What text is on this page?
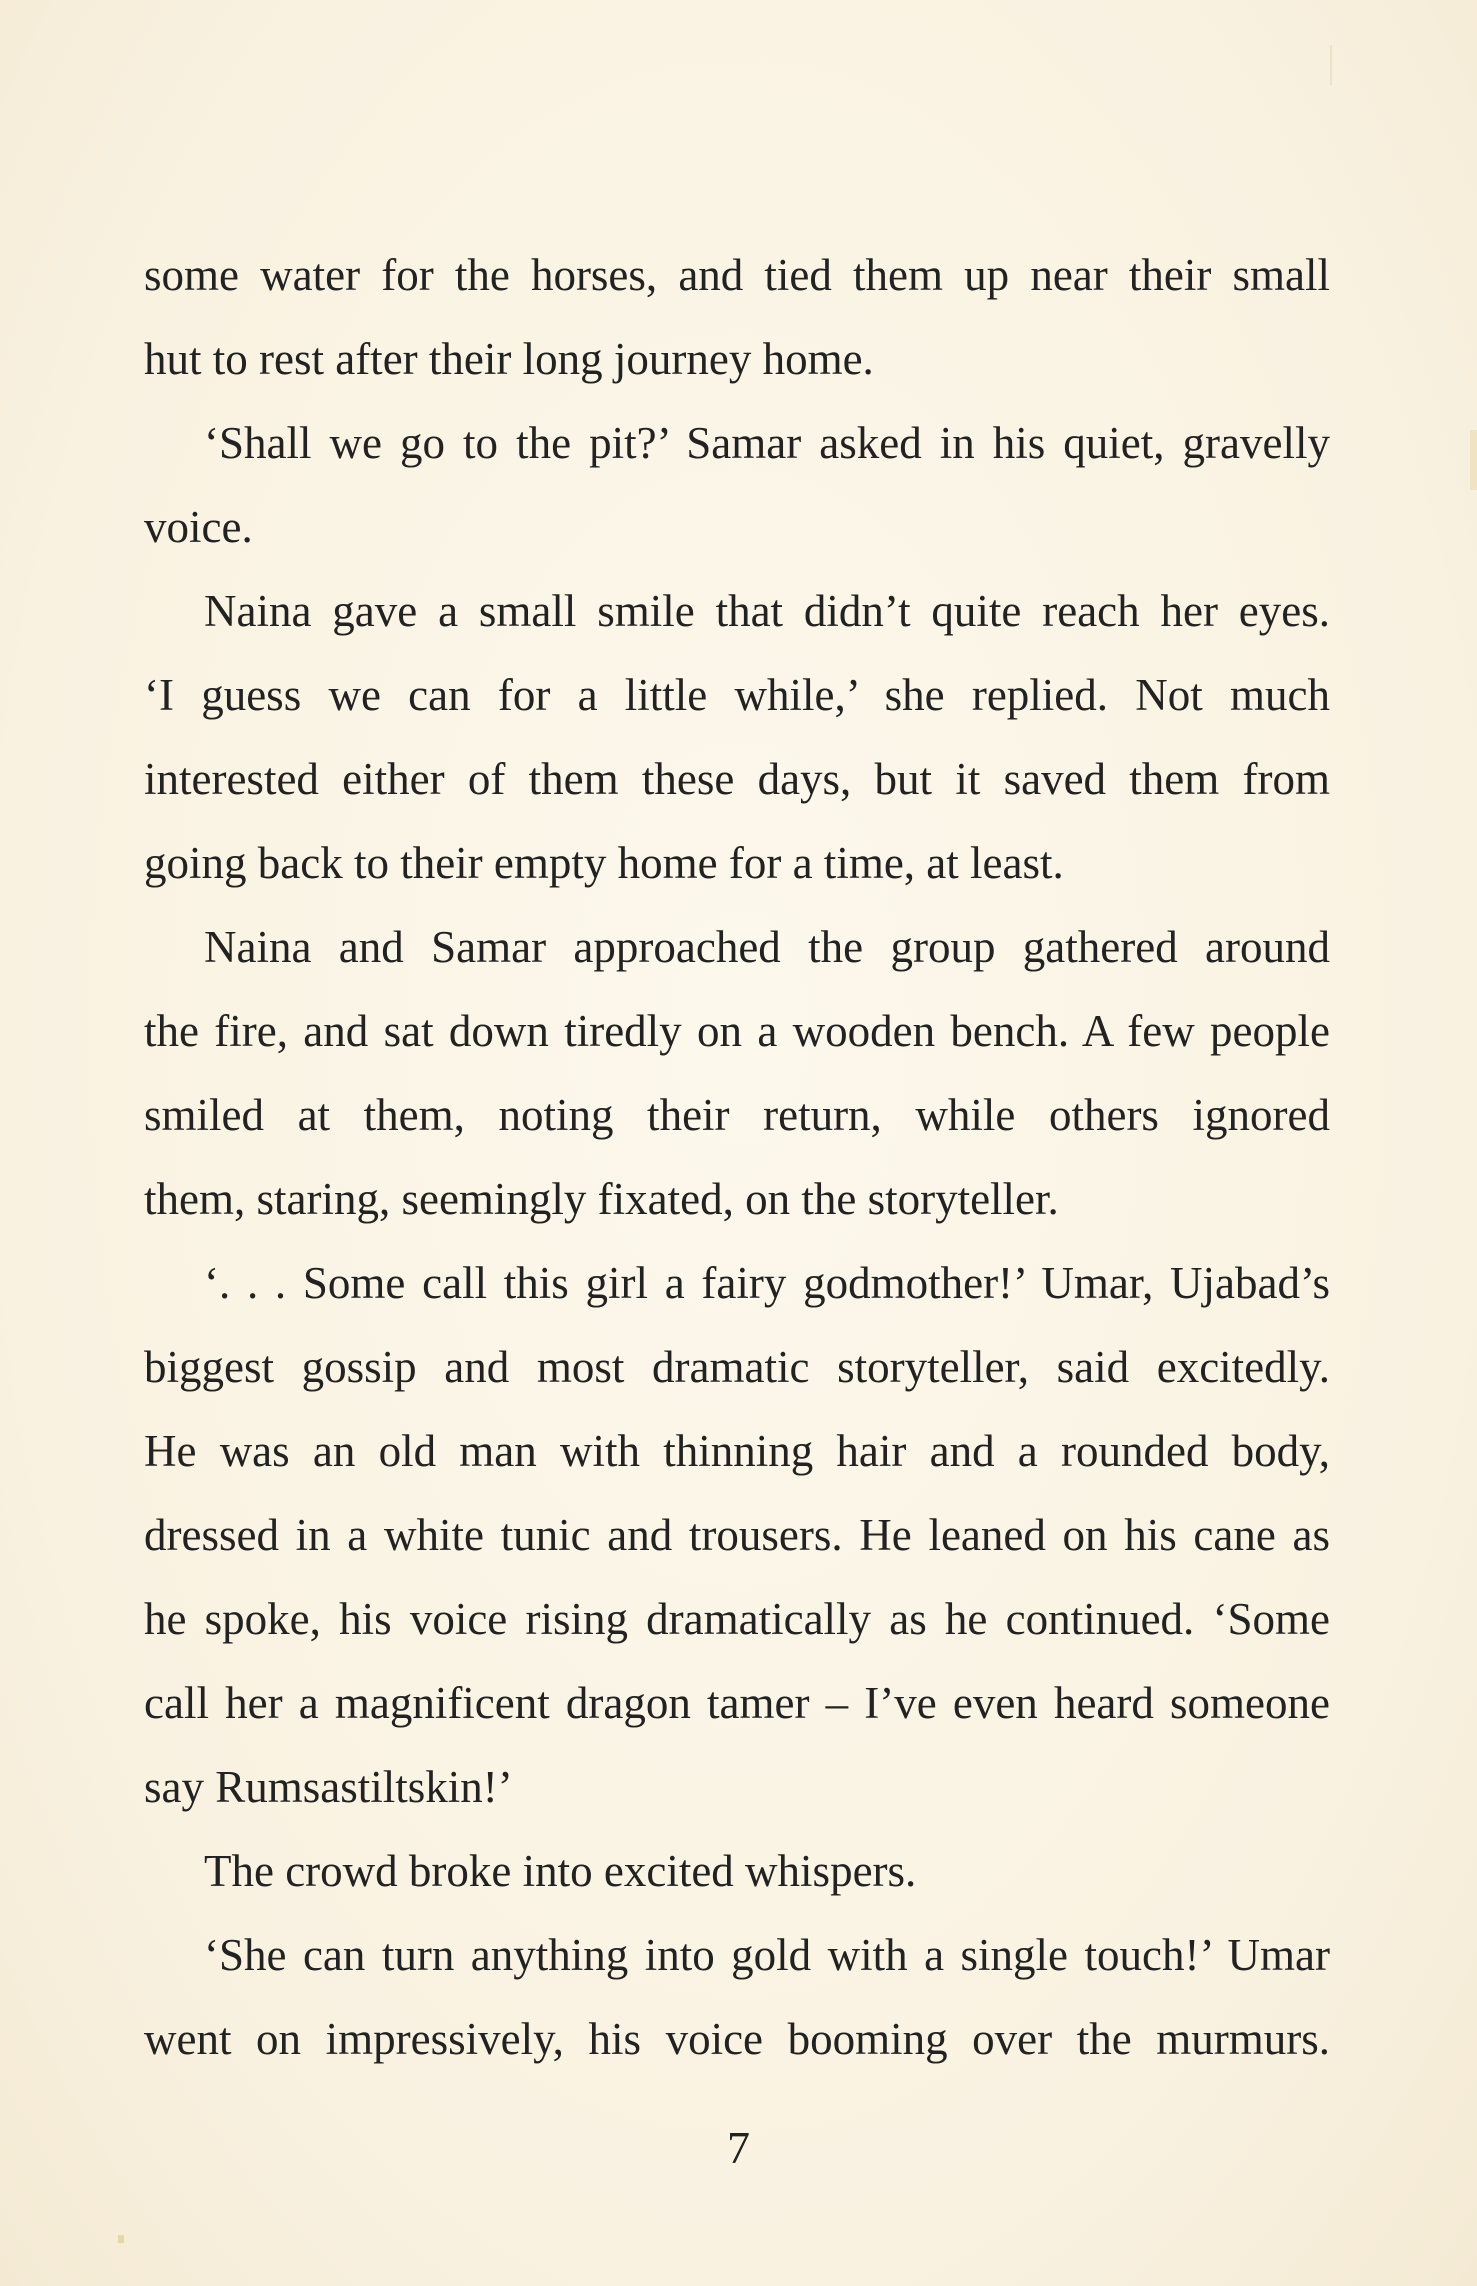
some water for the horses, and tied them up near their small
hut to rest after their long journey home.
‘Shall we go to the pit?’ Samar asked in his quiet, gravelly
voice.
Naina gave a small smile that didn’t quite reach her eyes.
‘I guess we can for a little while,’ she replied. Not much
interested either of them these days, but it saved them from
going back to their empty home for a time, at least.
Naina and Samar approached the group gathered around
the fire, and sat down tiredly on a wooden bench. A few people
smiled at them, noting their return, while others ignored
them, staring, seemingly fixated, on the storyteller.
‘. . . Some call this girl a fairy godmother!’ Umar, Ujabad’s
biggest gossip and most dramatic storyteller, said excitedly.
He was an old man with thinning hair and a rounded body,
dressed in a white tunic and trousers. He leaned on his cane as
he spoke, his voice rising dramatically as he continued. ‘Some
call her a magnificent dragon tamer – I’ve even heard someone
say Rumsastiltskin!’
The crowd broke into excited whispers.
‘She can turn anything into gold with a single touch!’ Umar
went on impressively, his voice booming over the murmurs.
7
